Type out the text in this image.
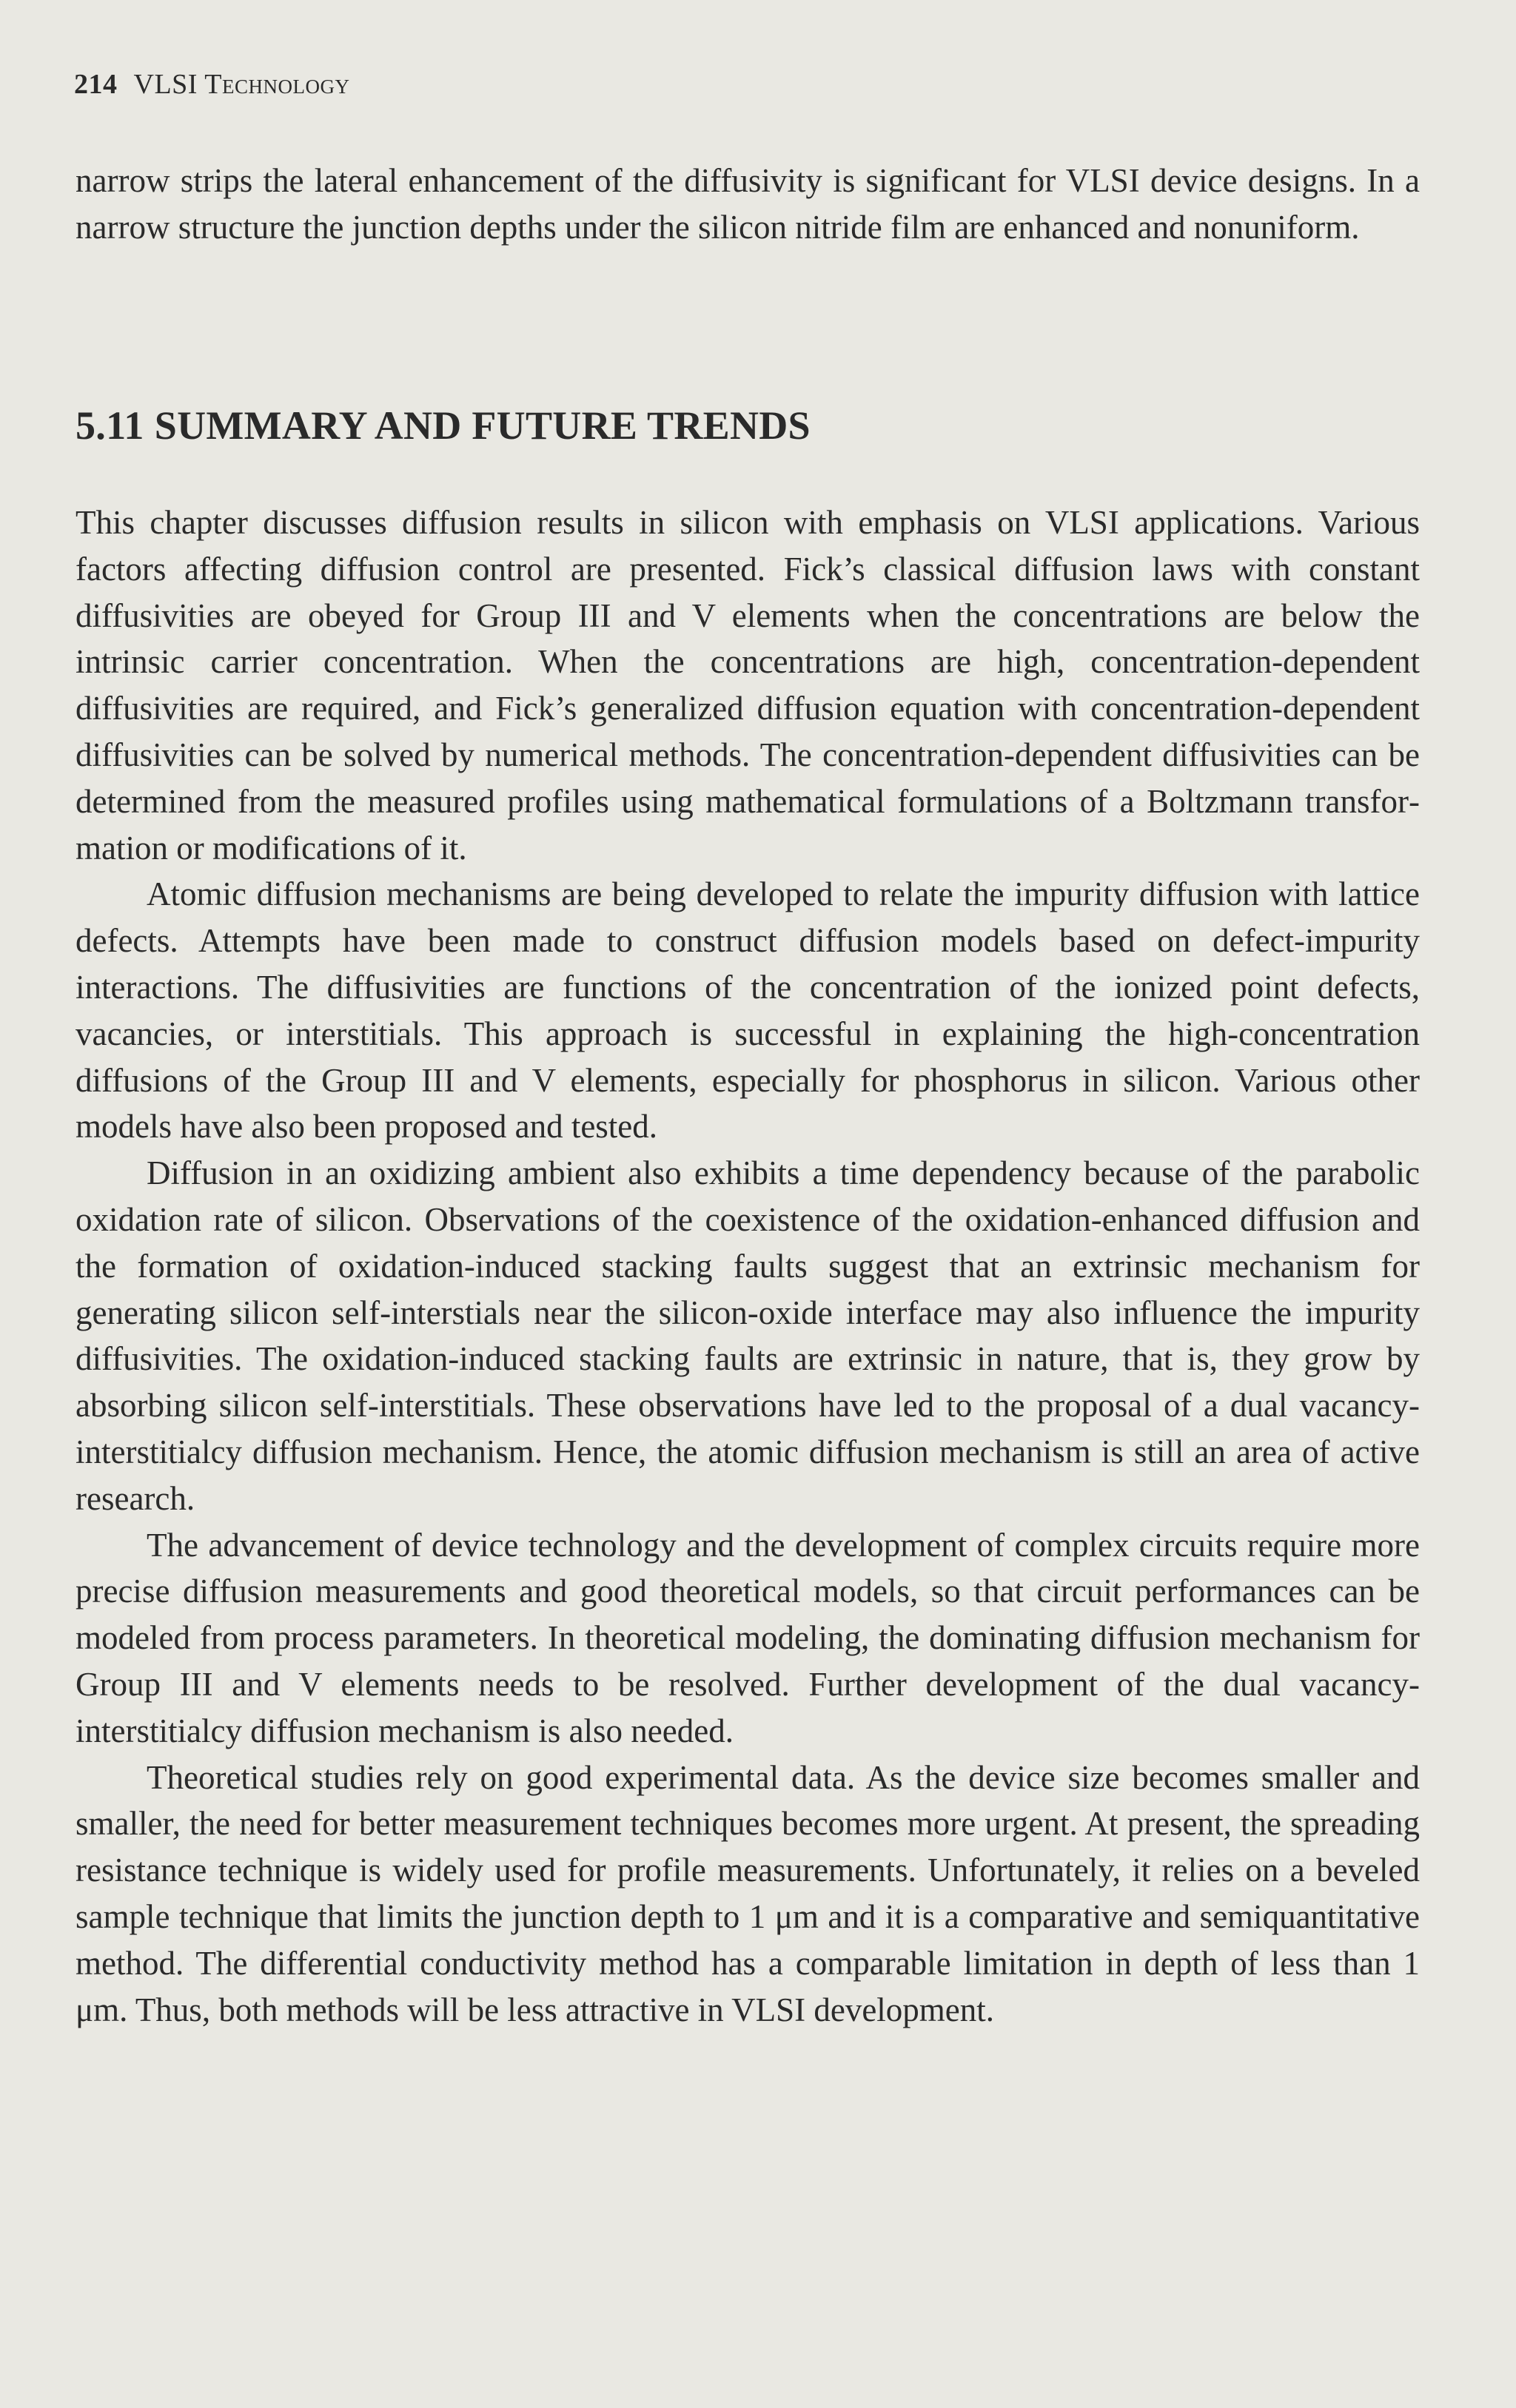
214 VLSI Technology

narrow strips the lateral enhancement of the diffusivity is significant for VLSI device designs. In a narrow structure the junction depths under the silicon nitride film are enhanced and nonuniform.

5.11 SUMMARY AND FUTURE TRENDS

This chapter discusses diffusion results in silicon with emphasis on VLSI applications. Various factors affecting diffusion control are presented. Fick’s classical diffusion laws with constant diffusivities are obeyed for Group III and V elements when the concentrations are below the intrinsic carrier concentration. When the concentrations are high, concentration-dependent diffusivities are required, and Fick’s generalized diffusion equation with concentration-dependent diffusivities can be solved by numerical methods. The concentration-dependent diffusivities can be determined from the measured profiles using mathematical formulations of a Boltzmann transformation or modifications of it.

Atomic diffusion mechanisms are being developed to relate the impurity diffusion with lattice defects. Attempts have been made to construct diffusion models based on defect-impurity interactions. The diffusivities are functions of the concentration of the ionized point defects, vacancies, or interstitials. This approach is successful in explaining the high-concentration diffusions of the Group III and V elements, especially for phosphorus in silicon. Various other models have also been proposed and tested.

Diffusion in an oxidizing ambient also exhibits a time dependency because of the parabolic oxidation rate of silicon. Observations of the coexistence of the oxidation-enhanced diffusion and the formation of oxidation-induced stacking faults suggest that an extrinsic mechanism for generating silicon self-interstials near the silicon-oxide interface may also influence the impurity diffusivities. The oxidation-induced stacking faults are extrinsic in nature, that is, they grow by absorbing silicon self-interstitials. These observations have led to the proposal of a dual vacancy-interstitialcy diffusion mechanism. Hence, the atomic diffusion mechanism is still an area of active research.

The advancement of device technology and the development of complex circuits require more precise diffusion measurements and good theoretical models, so that circuit performances can be modeled from process parameters. In theoretical modeling, the dominating diffusion mechanism for Group III and V elements needs to be resolved. Further development of the dual vacancy-interstitialcy diffusion mechanism is also needed.

Theoretical studies rely on good experimental data. As the device size becomes smaller and smaller, the need for better measurement techniques becomes more urgent. At present, the spreading resistance technique is widely used for profile measurements. Unfortunately, it relies on a beveled sample technique that limits the junction depth to 1 μm and it is a comparative and semiquantitative method. The differential conductivity method has a comparable limitation in depth of less than 1 μm. Thus, both methods will be less attractive in VLSI development.
